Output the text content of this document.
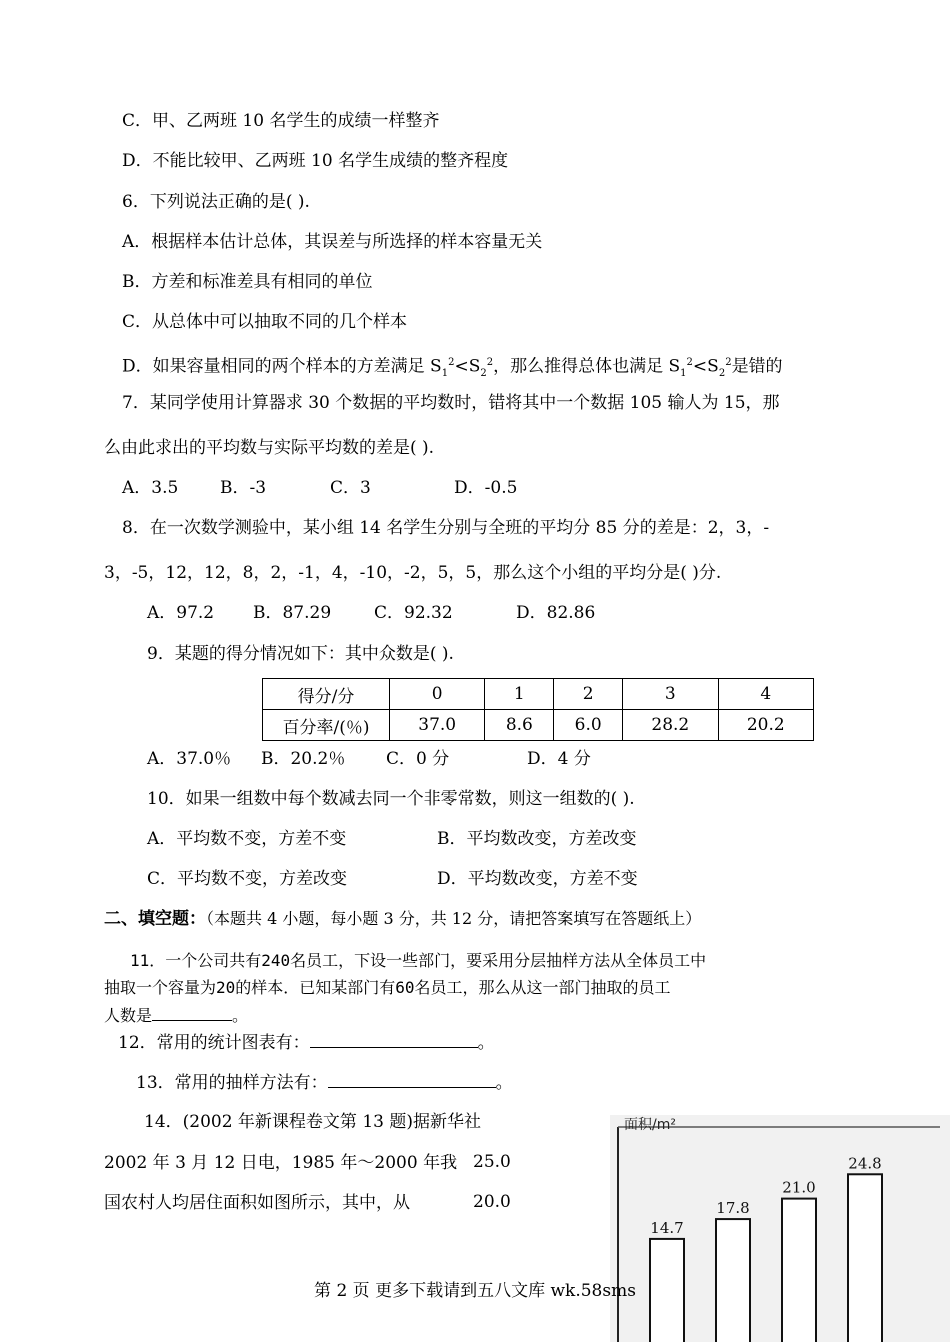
C．甲、乙两班 10 名学生的成绩一样整齐
D．不能比较甲、乙两班 10 名学生成绩的整齐程度
6．下列说法正确的是( ).
A．根据样本估计总体，其误差与所选择的样本容量无关
B．方差和标准差具有相同的单位
C．从总体中可以抽取不同的几个样本
D．如果容量相同的两个样本的方差满足 $S_1^2<S_2^2$，那么推得总体也满足 $S_1^2<S_2^2$是错的
7．某同学使用计算器求 30 个数据的平均数时，错将其中一个数据 105 输人为 15，那
么由此求出的平均数与实际平均数的差是( ).
A．3.5 B．-3	C．3	D．-0.5
8．在一次数学测验中，某小组 14 名学生分别与全班的平均分 85 分的差是：2，3，-
3，-5，12，12，8，2，-1，4，-10，-2，5，5，那么这个小组的平均分是( )分.
A．97.2 B．87.29	C．92.32	D．82.86
9．某题的得分情况如下：其中众数是( ).
得分/分	0	1	2	3	4
百分率/(％)	37.0	8.6	6.0	28.2	20.2
A．37.0％ B．20.2％ C．0 分	D．4 分
10．如果一组数中每个数减去同一个非零常数，则这一组数的( ).
A．平均数不变，方差不变	B．平均数改变，方差改变
C．平均数不变，方差改变	D．平均数改变，方差不变
二、填空题：（本题共 4 小题，每小题 3 分，共 12 分，请把答案填写在答题纸上）
11．一个公司共有240名员工，下设一些部门，要采用分层抽样方法从全体员工中
抽取一个容量为20的样本．已知某部门有60名员工，那么从这一部门抽取的员工
人数是	。
12．常用的统计图表有：	。
13．常用的抽样方法有：	。
14．(2002 年新课程卷文第 13 题)据新华社
2002 年 3 月 12 日电，1985 年～2000 年我
国农村人均居住面积如图所示，其中，从
25.0
20.0
面积/m²
14.7
17.8
21.0
24.8
第 2 页 更多下载请到五八文库 wk.58sms
